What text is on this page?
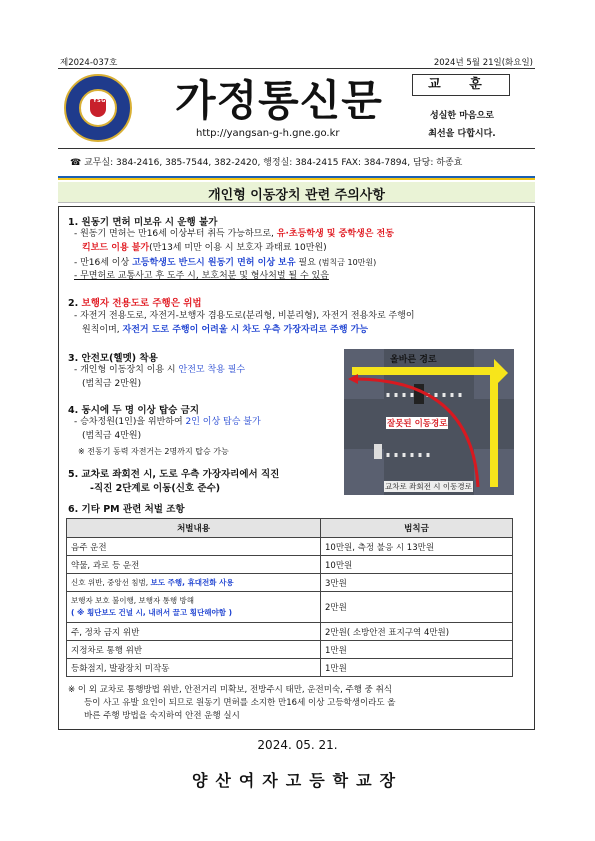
제2024-037호	2024년 5월 21일(화요일)
YSGH 가정통신문
http://yangsan-g-h.gne.go.kr
교 훈
성실한 마음으로
최선을 다합시다.
☎ 교무실: 384-2416, 385-7544, 382-2420, 행정실: 384-2415 FAX: 384-7894, 담당: 하종효
개인형 이동장치 관련 주의사항
1. 원동기 면허 미보유 시 운행 불가
- 원동기 면허는 만16세 이상부터 취득 가능하므로, 유·초등학생 및 중학생은 전동
킥보드 이용 불가(만13세 미만 이용 시 보호자 과태료 10만원)
- 만16세 이상 고등학생도 반드시 원동기 면허 이상 보유 필요 (범칙금 10만원)
- 무면허로 교통사고 후 도주 시, 보호처분 및 형사처벌 될 수 있음
2. 보행자 전용도로 주행은 위법
- 자전거 전용도로, 자전거-보행자 겸용도로(분리형, 비분리형), 자전거 전용차로 주행이
원칙이며, 자전거 도로 주행이 어려울 시 차도 우측 가장자리로 주행 가능
3. 안전모(헬멧) 착용
- 개인형 이동장치 이용 시 안전모 착용 필수
(범칙금 2만원)
4. 동시에 두 명 이상 탑승 금지
- 승차정원(1인)을 위반하여 2인 이상 탑승 불가
(범칙금 4만원)
※ 전동기 동력 자전거는 2명까지 탑승 가능
5. 교차로 좌회전 시, 도로 우측 가장자리에서 직진
-직진 2단계로 이동(신호 준수)
올바른 경로
잘못된 이동경로
교차로 좌회전 시 이동경로
6. 기타 PM 관련 처벌 조항
처벌내용	범칙금
음주 운전	10만원, 측정 불응 시 13만원
약물, 과로 등 운전	10만원
신호 위반, 중앙선 침범, 보도 주행, 휴대전화 사용	3만원

보행자 보호 불이행, 보행자 통행 방해
( ※ 횡단보도 건널 시, 내려서 끌고 횡단해야함 )	2만원
주, 정차 금지 위반	2만원( 소방안전 표지구역 4만원)
지정차로 통행 위반	1만원
등화점지, 발광장치 미작동	1만원
※ 이 외 교차로 통행방법 위반, 안전거리 미확보, 전방주시 태만, 운전미숙, 주행 중 취식
등이 사고 유발 요인이 되므로 원동기 면허를 소지한 만16세 이상 고등학생이라도 올
바른 주행 방법을 숙지하여 안전 운행 실시
2024. 05. 21.
양산여자고등학교장
